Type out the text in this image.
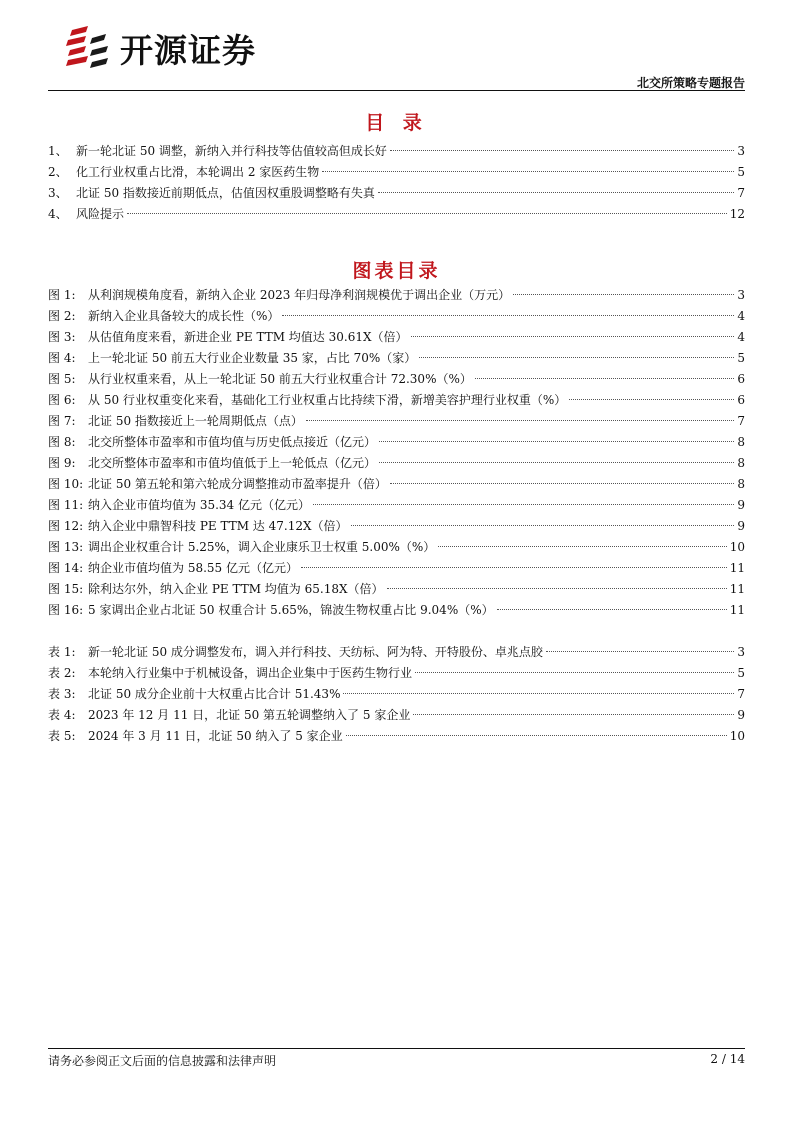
开源证券
北交所策略专题报告
目 录
1、 新一轮北证 50 调整，新纳入并行科技等估值较高但成长好	3
2、 化工行业权重占比滑，本轮调出 2 家医药生物	5
3、 北证 50 指数接近前期低点，估值因权重股调整略有失真	7
4、 风险提示	12
图表目录
图 1:	从利润规模角度看，新纳入企业 2023 年归母净利润规模优于调出企业（万元）	3
图 2:	新纳入企业具备较大的成长性（%）	4
图 3:	从估值角度来看，新进企业 PE TTM 均值达 30.61X（倍）	4
图 4:	上一轮北证 50 前五大行业企业数量 35 家，占比 70%（家）	5
图 5:	从行业权重来看，从上一轮北证 50 前五大行业权重合计 72.30%（%）	6
图 6:	从 50 行业权重变化来看，基础化工行业权重占比持续下滑，新增美容护理行业权重（%）	6
图 7:	北证 50 指数接近上一轮周期低点（点）	7
图 8:	北交所整体市盈率和市值均值与历史低点接近（亿元）	8
图 9:	北交所整体市盈率和市值均值低于上一轮低点（亿元）	8
图 10: 北证 50 第五轮和第六轮成分调整推动市盈率提升（倍）	8
图 11: 纳入企业市值均值为 35.34 亿元（亿元）	9
图 12: 纳入企业中鼎智科技 PE TTM 达 47.12X（倍）	9
图 13: 调出企业权重合计 5.25%，调入企业康乐卫士权重 5.00%（%）	10
图 14: 纳企业市值均值为 58.55 亿元（亿元）	11
图 15: 除利达尔外，纳入企业 PE TTM 均值为 65.18X（倍）	11
图 16: 5 家调出企业占北证 50 权重合计 5.65%，锦波生物权重占比 9.04%（%）	11
表 1:	新一轮北证 50 成分调整发布，调入并行科技、天纺标、阿为特、开特股份、卓兆点胶	3
表 2:	本轮纳入行业集中于机械设备，调出企业集中于医药生物行业	5
表 3:	北证 50 成分企业前十大权重占比合计 51.43%	7
表 4:	2023 年 12 月 11 日，北证 50 第五轮调整纳入了 5 家企业	9
表 5:	2024 年 3 月 11 日，北证 50 纳入了 5 家企业	10
请务必参阅正文后面的信息披露和法律声明	2 / 14
